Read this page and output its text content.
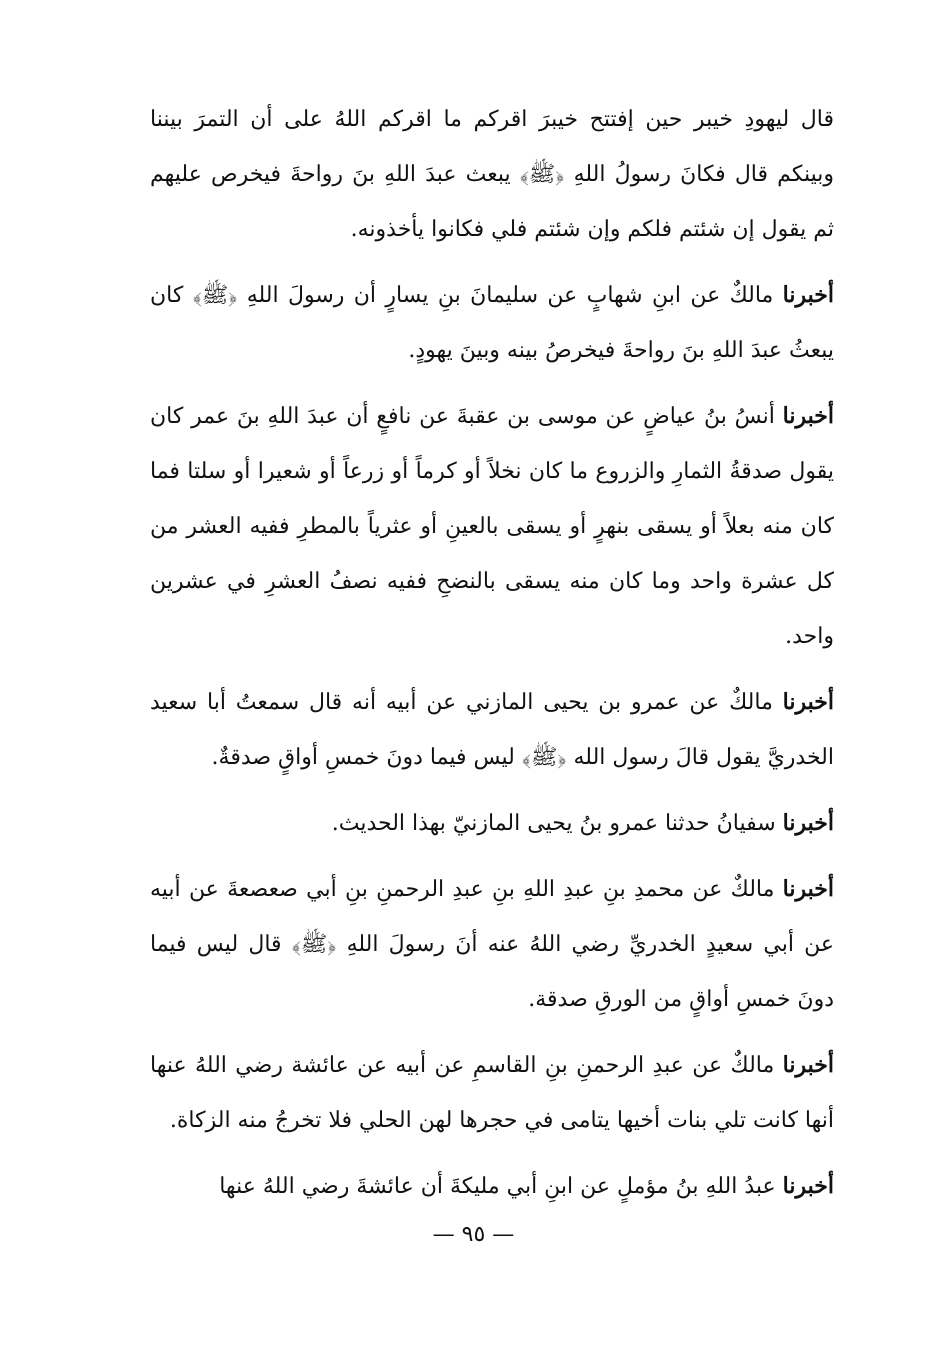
قال ليهودِ خيبر حين إفتتح خيبرَ اقركم ما اقركم اللهُ على أن التمرَ بيننا وبينكم قال فكانَ رسولُ اللهِ ﴿ﷺ﴾ يبعث عبدَ اللهِ بنَ رواحةَ فيخرص عليهم ثم يقول إن شئتم فلكم وإن شئتم فلي فكانوا يأخذونه.

أخبرنا مالكٌ عن ابنِ شهابٍ عن سليمانَ بنِ يسارٍ أن رسولَ اللهِ ﴿ﷺ﴾ كان يبعثُ عبدَ اللهِ بنَ رواحةَ فيخرصُ بينه وبينَ يهودٍ.

أخبرنا أنسُ بنُ عياضٍ عن موسى بن عقبةَ عن نافعٍ أن عبدَ اللهِ بنَ عمر كان يقول صدقةُ الثمارِ والزروع ما كان نخلاً أو كرماً أو زرعاً أو شعيرا أو سلتا فما كان منه بعلاً أو يسقى بنهرٍ أو يسقى بالعينِ أو عثرياً بالمطرِ ففيه العشر من كل عشرة واحد وما كان منه يسقى بالنضحِ ففيه نصفُ العشرِ في عشرين واحد.

أخبرنا مالكٌ عن عمرو بن يحيى المازني عن أبيه أنه قال سمعتُ أبا سعيد الخدريَّ يقول قالَ رسول الله ﴿ﷺ﴾ ليس فيما دونَ خمسِ أواقٍ صدقةٌ.

أخبرنا سفيانُ حدثنا عمرو بنُ يحيى المازنيّ بهذا الحديث.

أخبرنا مالكٌ عن محمدِ بنِ عبدِ اللهِ بنِ عبدِ الرحمنِ بنِ أبي صعصعةَ عن أبيه عن أبي سعيدٍ الخدريِّ رضي اللهُ عنه أنَ رسولَ اللهِ ﴿ﷺ﴾ قال ليس فيما دونَ خمسِ أواقٍ من الورقِ صدقة.

أخبرنا مالكٌ عن عبدِ الرحمنِ بنِ القاسمِ عن أبيه عن عائشة رضي اللهُ عنها أنها كانت تلي بنات أخيها يتامى في حجرها لهن الحلي فلا تخرجُ منه الزكاة.

أخبرنا عبدُ اللهِ بنُ مؤملٍ عن ابنِ أبي مليكةَ أن عائشةَ رضي اللهُ عنها

— ٩٥ —
